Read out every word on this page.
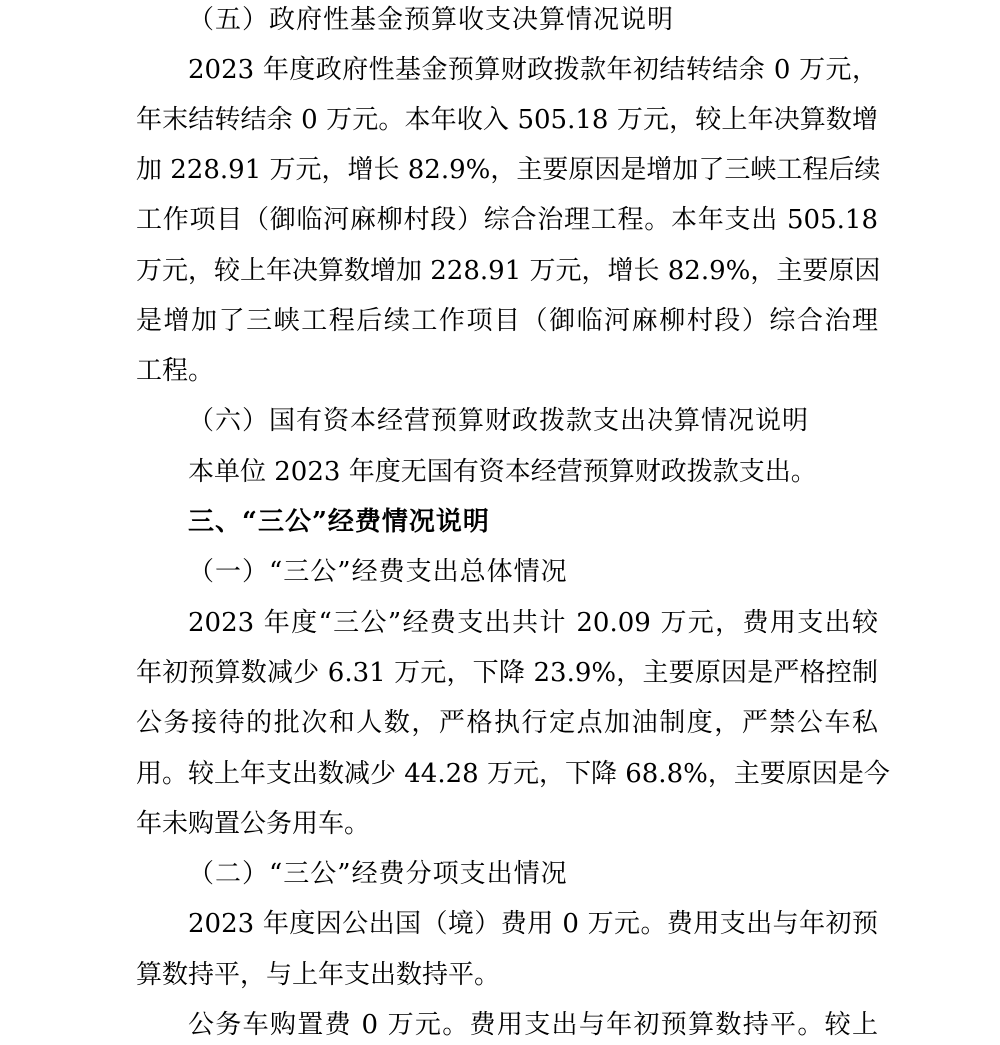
（五）政府性基金预算收支决算情况说明
2023 年度政府性基金预算财政拨款年初结转结余 0 万元，
年末结转结余 0 万元。本年收入 505.18 万元，较上年决算数增
加 228.91 万元，增长 82.9%，主要原因是增加了三峡工程后续
工作项目（御临河麻柳村段）综合治理工程。本年支出 505.18
万元，较上年决算数增加 228.91 万元，增长 82.9%，主要原因
是增加了三峡工程后续工作项目（御临河麻柳村段）综合治理
工程。
（六）国有资本经营预算财政拨款支出决算情况说明
本单位 2023 年度无国有资本经营预算财政拨款支出。
三、“三公”经费情况说明
（一）“三公”经费支出总体情况
2023 年度“三公”经费支出共计 20.09 万元，费用支出较
年初预算数减少 6.31 万元，下降 23.9%，主要原因是严格控制
公务接待的批次和人数，严格执行定点加油制度，严禁公车私
用。较上年支出数减少 44.28 万元，下降 68.8%，主要原因是今
年未购置公务用车。
（二）“三公”经费分项支出情况
2023 年度因公出国（境）费用 0 万元。费用支出与年初预
算数持平，与上年支出数持平。
公务车购置费 0 万元。费用支出与年初预算数持平。较上
